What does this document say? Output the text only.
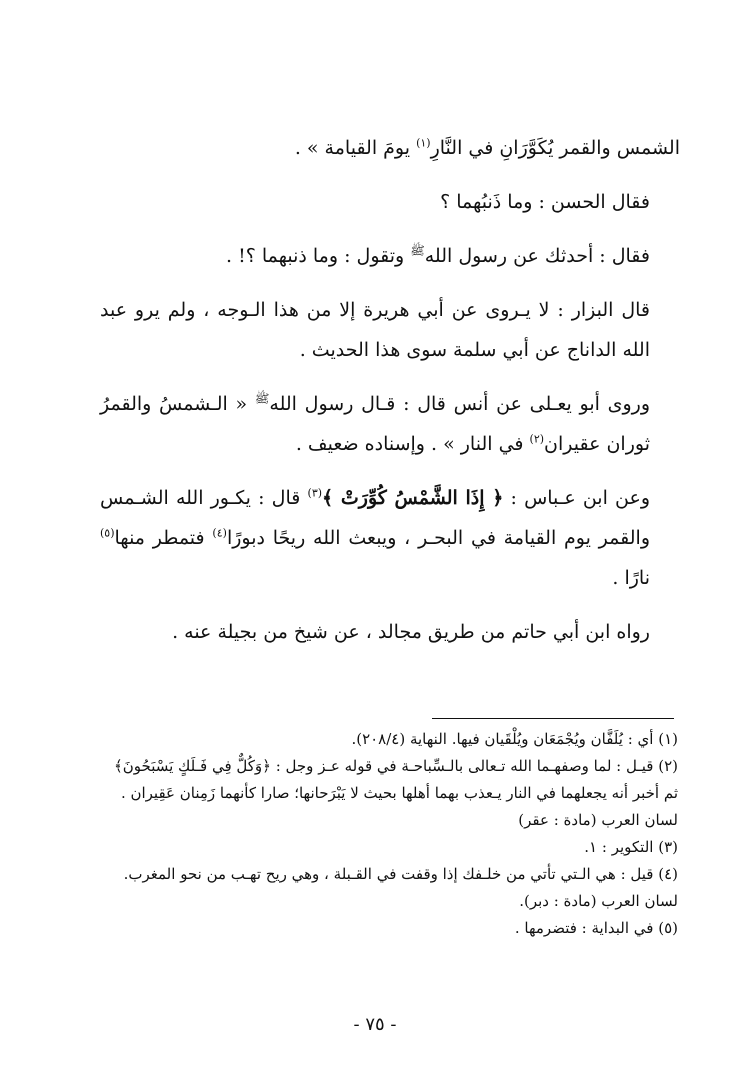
الشمس والقمر يُكَوَّرَانِ في النَّارِ$^{(١)}$ يومَ القيامة » .

فقال الحسن : وما ذَنبُهما ؟

فقال : أحدثك عن رسول الله$^ﷺ$ وتقول : وما ذنبهما ؟! .

قال البزار : لا يـروى عن أبي هريرة إلا من هذا الـوجه ، ولم يرو عبد الله الداناج عن أبي سلمة سوى هذا الحديث .

وروى أبو يعـلى عن أنس قال : قـال رسول الله$^ﷺ$ « الـشمسُ والقمرُ ثوران عقيران$^{(٢)}$ في النار » . وإسناده ضعيف .

وعن ابن عـباس : ﴿ إِذَا الشَّمْسُ كُوِّرَتْ ﴾$^{(٣)}$ قال : يكـور الله الشـمس والقمر يوم القيامة في البحـر ، ويبعث الله ريحًا دبورًا$^{(٤)}$ فتمطر منها$^{(٥)}$ نارًا .

رواه ابن أبي حاتم من طريق مجالد ، عن شيخ من بجيلة عنه .

(١) أي : يُلَفَّان ويُجْمَعَان ويُلْقَيان فيها. النهاية (٢٠٨/٤).

(٢) قيـل : لما وصفهـما الله تـعالى بالـسِّباحـة في قوله عـز وجل : ﴿وَكُلٌّ فِي فَـلَكٍ يَسْبَحُونَ﴾ ثم أخبر أنه يجعلهما في النار يـعذب بهما أهلها بحيث لا يَبْرَحانها؛ صارا كأنهما زَمِنان عَقِيران . لسان العرب (مادة : عقر)

(٣) التكوير : ١.

(٤) قيل : هي الـتي تأتي من خلـفك إذا وقفت في القـبلة ، وهي ريح تهـب من نحو المغرب. لسان العرب (مادة : دبر).

(٥) في البداية : فتضرمها .

- ٧٥ -
